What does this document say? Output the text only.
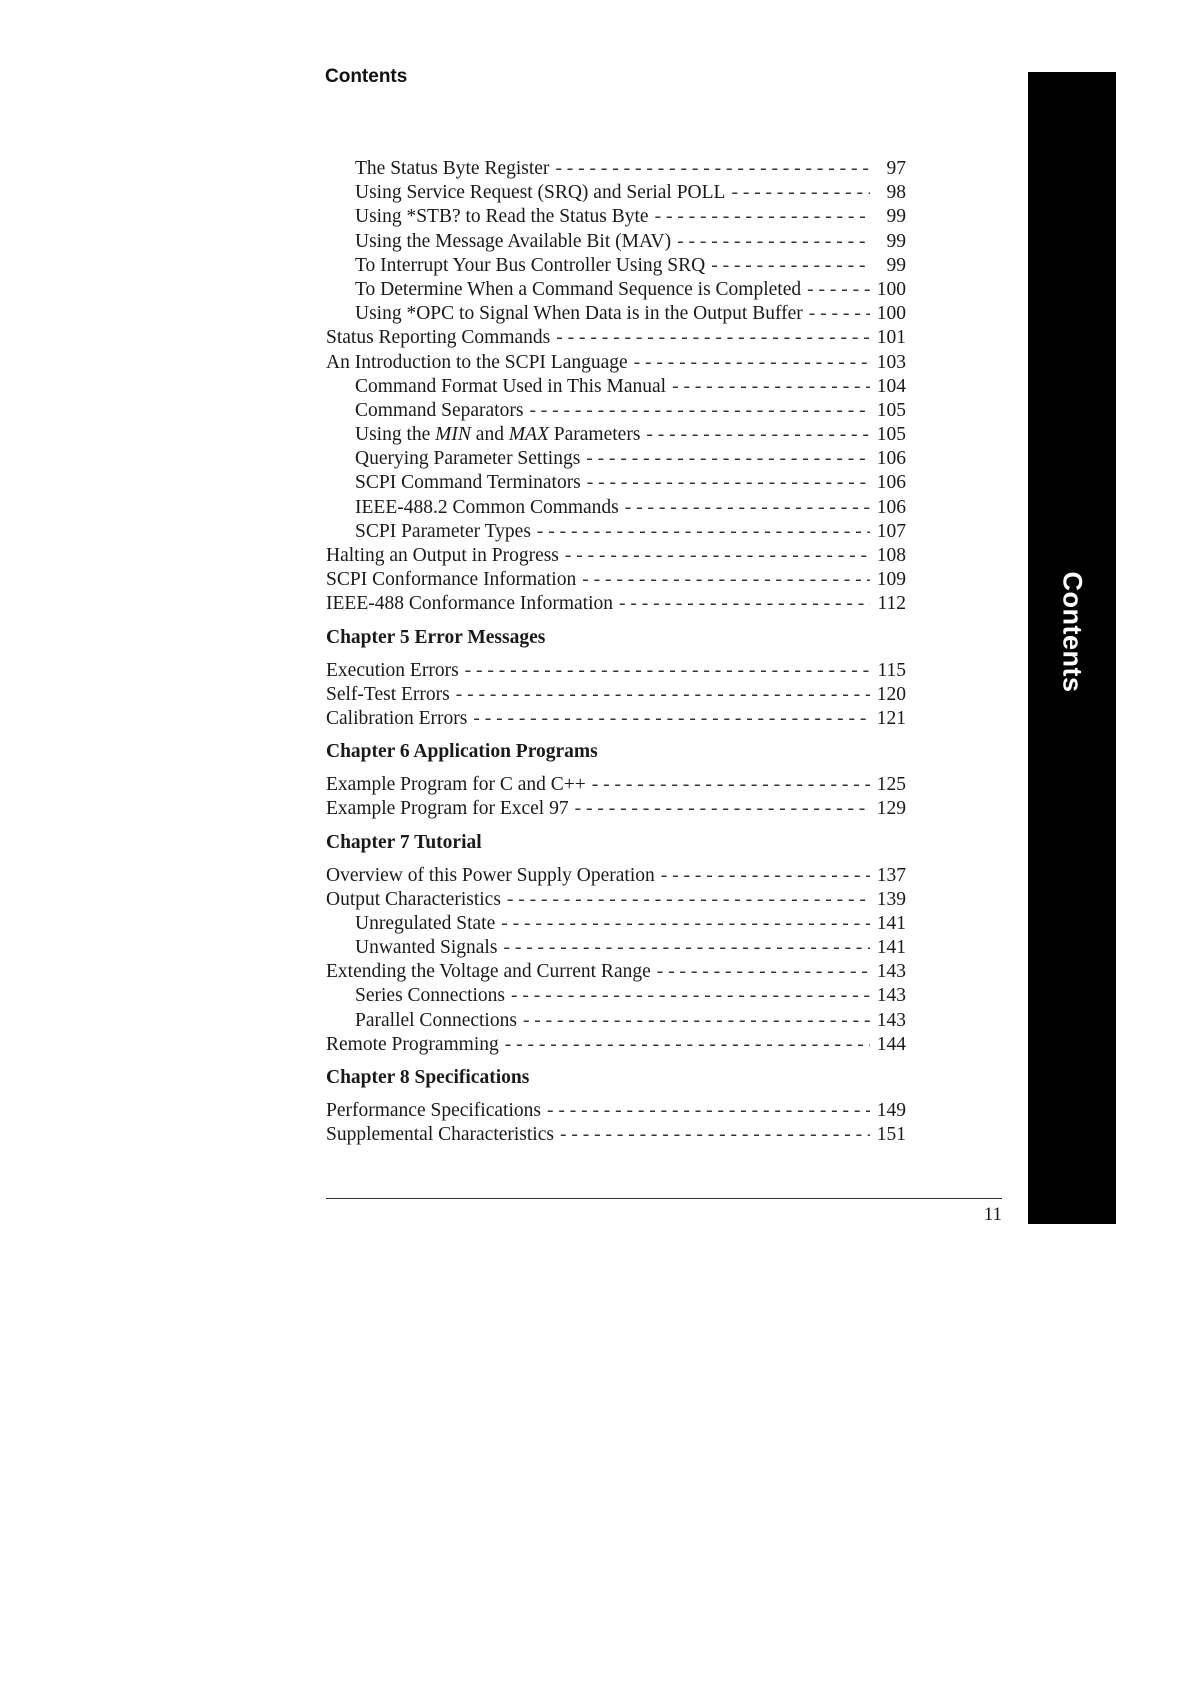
Contents
Contents
The Status Byte Register - - -	97
Using Service Request (SRQ) and Serial POLL - - -	98
Using *STB? to Read the Status Byte - - -	99
Using the Message Available Bit (MAV) - - -	99
To Interrupt Your Bus Controller Using SRQ - - -	99
To Determine When a Command Sequence is Completed - - -	100
Using *OPC to Signal When Data is in the Output Buffer - - -	100
Status Reporting Commands - - -	101
An Introduction to the SCPI Language - - -	103
Command Format Used in This Manual - - -	104
Command Separators - - -	105
Using the MIN and MAX Parameters - - -	105
Querying Parameter Settings - - -	106
SCPI Command Terminators - - -	106
IEEE-488.2 Common Commands - - -	106
SCPI Parameter Types - - -	107
Halting an Output in Progress - - -	108
SCPI Conformance Information - - -	109
IEEE-488 Conformance Information - - -	112
Chapter 5 Error Messages
Execution Errors - - -	115
Self-Test Errors - - -	120
Calibration Errors - - -	121
Chapter 6 Application Programs
Example Program for C and C++ - - -	125
Example Program for Excel 97 - - -	129
Chapter 7 Tutorial
Overview of this Power Supply Operation - - -	137
Output Characteristics - - -	139
Unregulated State - - -	141
Unwanted Signals - - -	141
Extending the Voltage and Current Range - - -	143
Series Connections - - -	143
Parallel Connections - - -	143
Remote Programming - - -	144
Chapter 8 Specifications
Performance Specifications - - -	149
Supplemental Characteristics - - -	151
11
